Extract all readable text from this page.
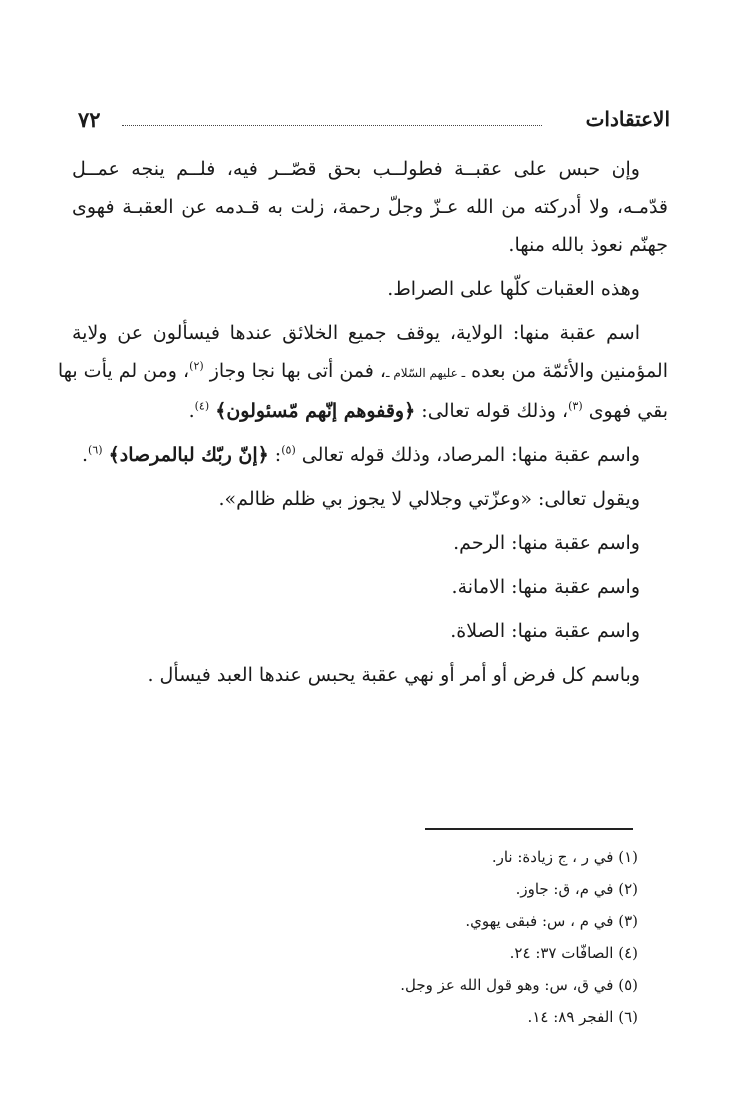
الاعتقادات
٧٢
وإن حبس على عقبــة فطولــب بحق قصّــر فيه، فلــم ينجه عمــل
قدّمـه، ولا أدركته من الله عـزّ وجلّ رحمة، زلت به قـدمه عن العقبـة فهوى
جهنّم نعوذ بالله منها.
وهذه العقبات كلّها على الصراط.
اسم عقبة منها: الولاية، يوقف جميع الخلائق عندها فيسألون عن ولاية
المؤمنين والأئمّة من بعده ـ عليهم السّلام ـ، فمن أتى بها نجا وجاز $^{(٢)}$، ومن لم يأت بها
بقي فهوى $^{(٣)}$، وذلك قوله تعالى: ﴿وقفوهم إنّهم مّسئولون﴾ $^{(٤)}$.
واسم عقبة منها: المرصاد، وذلك قوله تعالى $^{(٥)}$: ﴿إنّ ربّك لبالمرصاد﴾ $^{(٦)}$.
ويقول تعالى: «وعزّتي وجلالي لا يجوز بي ظلم ظالم».
واسم عقبة منها: الرحم.
واسم عقبة منها: الامانة.
واسم عقبة منها: الصلاة.
وباسم كل فرض أو أمر أو نهي عقبة يحبس عندها العبد فيسأل .
(١) في ر ، ج زيادة: نار.
(٢) في م، ق: جاوز.
(٣) في م ، س: فبقى يهوي.
(٤) الصافّات ٣٧: ٢٤.
(٥) في ق، س: وهو قول الله عز وجل.
(٦) الفجر ٨٩: ١٤.
